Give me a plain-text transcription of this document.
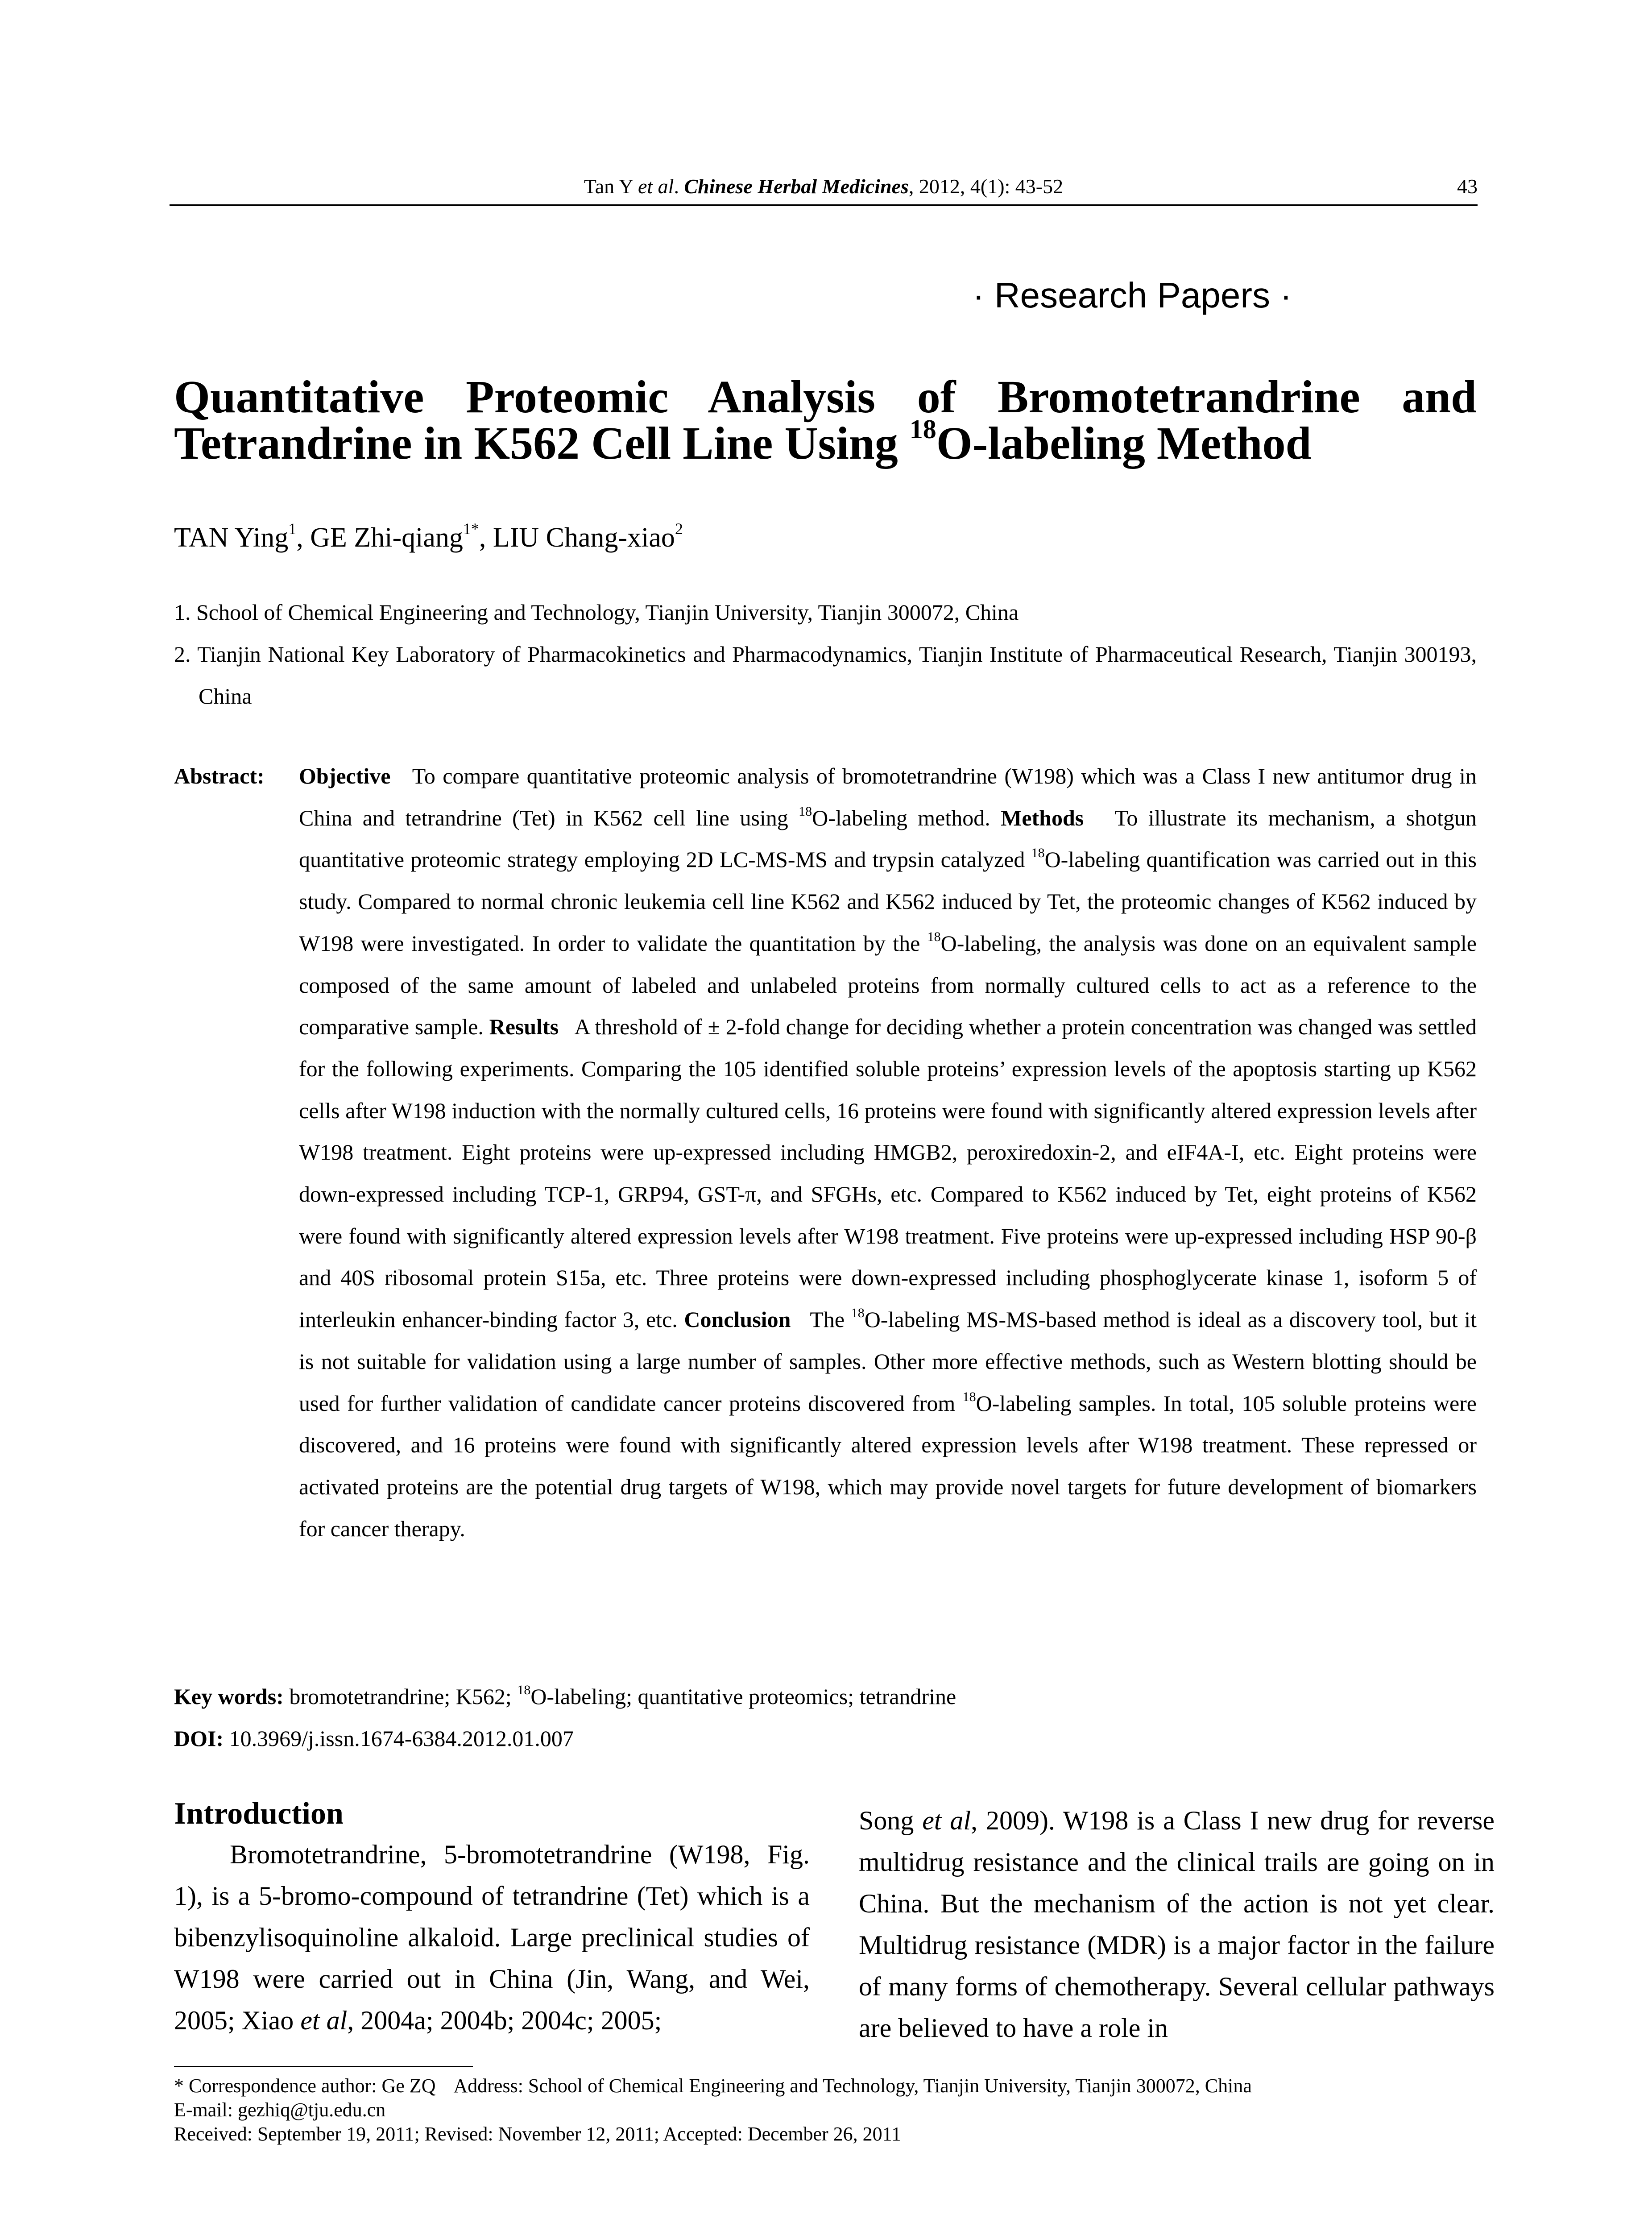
Tan Y et al. Chinese Herbal Medicines, 2012, 4(1): 43-52	43
· Research Papers ·
Quantitative Proteomic Analysis of Bromotetrandrine and
Tetrandrine in K562 Cell Line Using $^{18}$O-labeling Method
TAN Ying$^1$, GE Zhi-qiang$^{1*}$, LIU Chang-xiao$^2$
1. School of Chemical Engineering and Technology, Tianjin University, Tianjin 300072, China
2. Tianjin National Key Laboratory of Pharmacokinetics and Pharmacodynamics, Tianjin Institute of Pharmaceutical Research, Tianjin 300193, China
Abstract: Objective To compare quantitative proteomic analysis of bromotetrandrine (W198) which was a Class I new antitumor drug in China and tetrandrine (Tet) in K562 cell line using $^{18}$O-labeling method. Methods To illustrate its mechanism, a shotgun quantitative proteomic strategy employing 2D LC-MS-MS and trypsin catalyzed $^{18}$O-labeling quantification was carried out in this study. Compared to normal chronic leukemia cell line K562 and K562 induced by Tet, the proteomic changes of K562 induced by W198 were investigated. In order to validate the quantitation by the $^{18}$O-labeling, the analysis was done on an equivalent sample composed of the same amount of labeled and unlabeled proteins from normally cultured cells to act as a reference to the comparative sample. Results A threshold of ± 2-fold change for deciding whether a protein concentration was changed was settled for the following experiments. Comparing the 105 identified soluble proteins’ expression levels of the apoptosis starting up K562 cells after W198 induction with the normally cultured cells, 16 proteins were found with significantly altered expression levels after W198 treatment. Eight proteins were up-expressed including HMGB2, peroxiredoxin-2, and eIF4A-I, etc. Eight proteins were down-expressed including TCP-1, GRP94, GST-π, and SFGHs, etc. Compared to K562 induced by Tet, eight proteins of K562 were found with significantly altered expression levels after W198 treatment. Five proteins were up-expressed including HSP 90-β and 40S ribosomal protein S15a, etc. Three proteins were down-expressed including phosphoglycerate kinase 1, isoform 5 of interleukin enhancer-binding factor 3, etc. Conclusion The $^{18}$O-labeling MS-MS-based method is ideal as a discovery tool, but it is not suitable for validation using a large number of samples. Other more effective methods, such as Western blotting should be used for further validation of candidate cancer proteins discovered from $^{18}$O-labeling samples. In total, 105 soluble proteins were discovered, and 16 proteins were found with significantly altered expression levels after W198 treatment. These repressed or activated proteins are the potential drug targets of W198, which may provide novel targets for future development of biomarkers for cancer therapy.
Key words: bromotetrandrine; K562; $^{18}$O-labeling; quantitative proteomics; tetrandrine
DOI: 10.3969/j.issn.1674-6384.2012.01.007
Introduction

Bromotetrandrine, 5-bromotetrandrine (W198, Fig. 1), is a 5-bromo-compound of tetrandrine (Tet) which is a bibenzylisoquinoline alkaloid. Large preclinical studies of W198 were carried out in China (Jin, Wang, and Wei, 2005; Xiao et al, 2004a; 2004b; 2004c; 2005;

Song et al, 2009). W198 is a Class I new drug for reverse multidrug resistance and the clinical trails are going on in China. But the mechanism of the action is not yet clear. Multidrug resistance (MDR) is a major factor in the failure of many forms of chemotherapy. Several cellular pathways are believed to have a role in

* Correspondence author: Ge ZQ Address: School of Chemical Engineering and Technology, Tianjin University, Tianjin 300072, China
E-mail: gezhiq@tju.edu.cn
Received: September 19, 2011; Revised: November 12, 2011; Accepted: December 26, 2011
